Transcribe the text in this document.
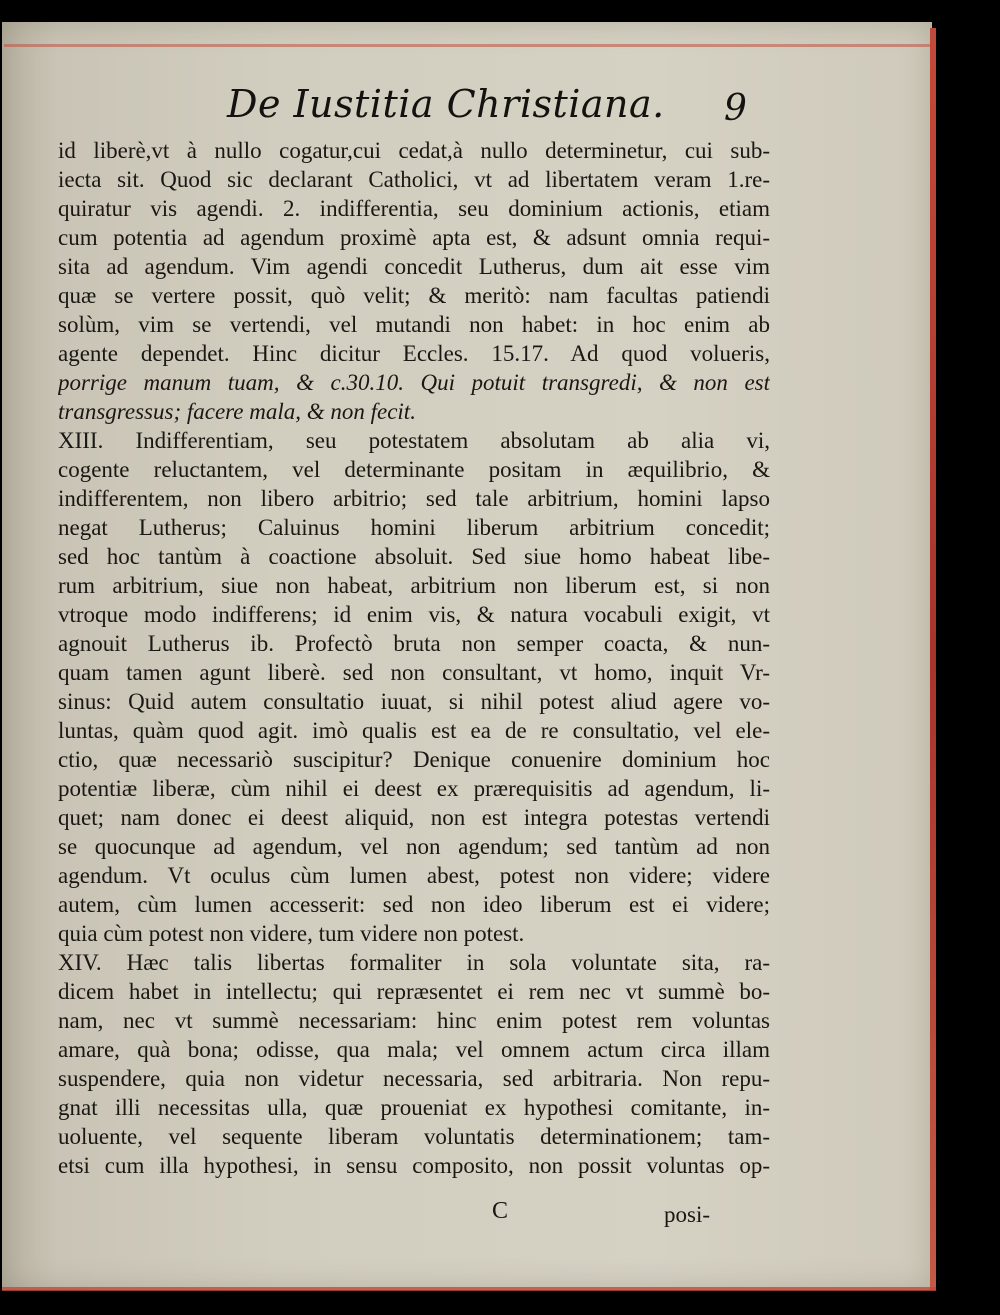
De Iustitia Christiana. 9
id liberè,vt à nullo cogatur,cui cedat,à nullo determinetur, cui sub-
iecta sit. Quod sic declarant Catholici, vt ad libertatem veram 1.re-
quiratur vis agendi. 2. indifferentia, seu dominium actionis, etiam
cum potentia ad agendum proximè apta est, & adsunt omnia requi-
sita ad agendum. Vim agendi concedit Lutherus, dum ait esse vim
quæ se vertere possit, quò velit; & meritò: nam facultas patiendi
solùm, vim se vertendi, vel mutandi non habet: in hoc enim ab
agente dependet. Hinc dicitur Eccles. 15.17. Ad quod volueris,
porrige manum tuam, & c.30.10. Qui potuit transgredi, & non est
transgressus; facere mala, & non fecit.
XIII. Indifferentiam, seu potestatem absolutam ab alia vi,
cogente reluctantem, vel determinante positam in æquilibrio, &
indifferentem, non libero arbitrio; sed tale arbitrium, homini lapso
negat Lutherus; Caluinus homini liberum arbitrium concedit;
sed hoc tantùm à coactione absoluit. Sed siue homo habeat libe-
rum arbitrium, siue non habeat, arbitrium non liberum est, si non
vtroque modo indifferens; id enim vis, & natura vocabuli exigit, vt
agnouit Lutherus ib. Profectò bruta non semper coacta, & nun-
quam tamen agunt liberè. sed non consultant, vt homo, inquit Vr-
sinus: Quid autem consultatio iuuat, si nihil potest aliud agere vo-
luntas, quàm quod agit. imò qualis est ea de re consultatio, vel ele-
ctio, quæ necessariò suscipitur? Denique conuenire dominium hoc
potentiæ liberæ, cùm nihil ei deest ex prærequisitis ad agendum, li-
quet; nam donec ei deest aliquid, non est integra potestas vertendi
se quocunque ad agendum, vel non agendum; sed tantùm ad non
agendum. Vt oculus cùm lumen abest, potest non videre; videre
autem, cùm lumen accesserit: sed non ideo liberum est ei videre;
quia cùm potest non videre, tum videre non potest.
XIV. Hæc talis libertas formaliter in sola voluntate sita, ra-
dicem habet in intellectu; qui repræsentet ei rem nec vt summè bo-
nam, nec vt summè necessariam: hinc enim potest rem voluntas
amare, quà bona; odisse, qua mala; vel omnem actum circa illam
suspendere, quia non videtur necessaria, sed arbitraria. Non repu-
gnat illi necessitas ulla, quæ proueniat ex hypothesi comitante, in-
uoluente, vel sequente liberam voluntatis determinationem; tam-
etsi cum illa hypothesi, in sensu composito, non possit voluntas op-
C	posi-
